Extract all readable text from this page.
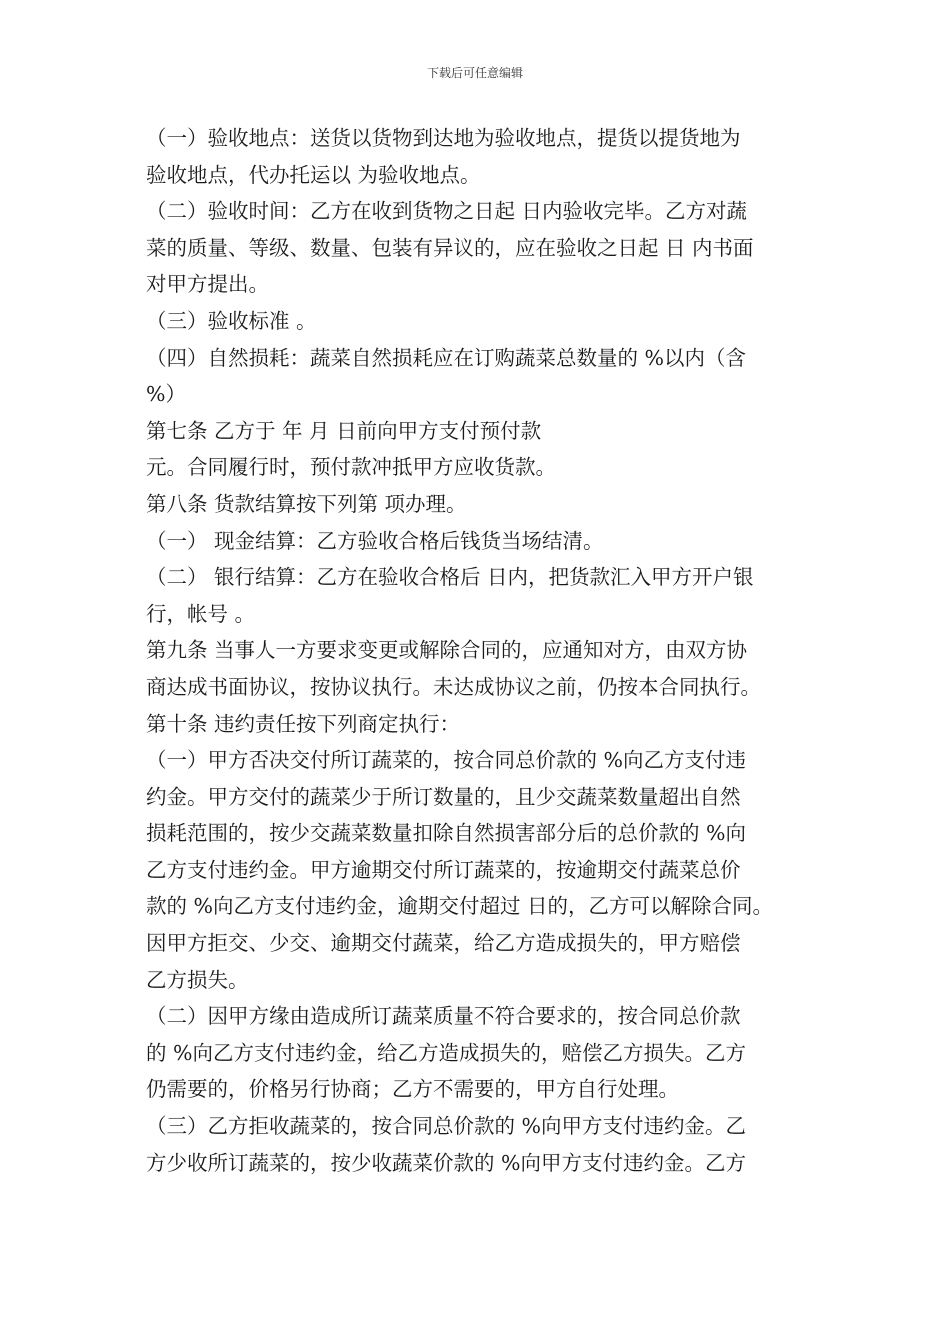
下载后可任意编辑
（一）验收地点：送货以货物到达地为验收地点，提货以提货地为
验收地点，代办托运以 为验收地点。
（二）验收时间：乙方在收到货物之日起 日内验收完毕。乙方对蔬
菜的质量、等级、数量、包装有异议的，应在验收之日起 日 内书面
对甲方提出。
（三）验收标准 。
（四）自然损耗：蔬菜自然损耗应在订购蔬菜总数量的 %以内（含
%）
第七条 乙方于 年 月 日前向甲方支付预付款
元。合同履行时，预付款冲抵甲方应收货款。
第八条 货款结算按下列第 项办理。
（一） 现金结算：乙方验收合格后钱货当场结清。
（二） 银行结算：乙方在验收合格后 日内，把货款汇入甲方开户银
行，帐号 。
第九条 当事人一方要求变更或解除合同的，应通知对方，由双方协
商达成书面协议，按协议执行。未达成协议之前，仍按本合同执行。
第十条 违约责任按下列商定执行：
（一）甲方否决交付所订蔬菜的，按合同总价款的 %向乙方支付违
约金。甲方交付的蔬菜少于所订数量的，且少交蔬菜数量超出自然
损耗范围的，按少交蔬菜数量扣除自然损害部分后的总价款的 %向
乙方支付违约金。甲方逾期交付所订蔬菜的，按逾期交付蔬菜总价
款的 %向乙方支付违约金，逾期交付超过 日的，乙方可以解除合同。
因甲方拒交、少交、逾期交付蔬菜，给乙方造成损失的，甲方赔偿
乙方损失。
（二）因甲方缘由造成所订蔬菜质量不符合要求的，按合同总价款
的 %向乙方支付违约金，给乙方造成损失的，赔偿乙方损失。乙方
仍需要的，价格另行协商；乙方不需要的，甲方自行处理。
（三）乙方拒收蔬菜的，按合同总价款的 %向甲方支付违约金。乙
方少收所订蔬菜的，按少收蔬菜价款的 %向甲方支付违约金。乙方
